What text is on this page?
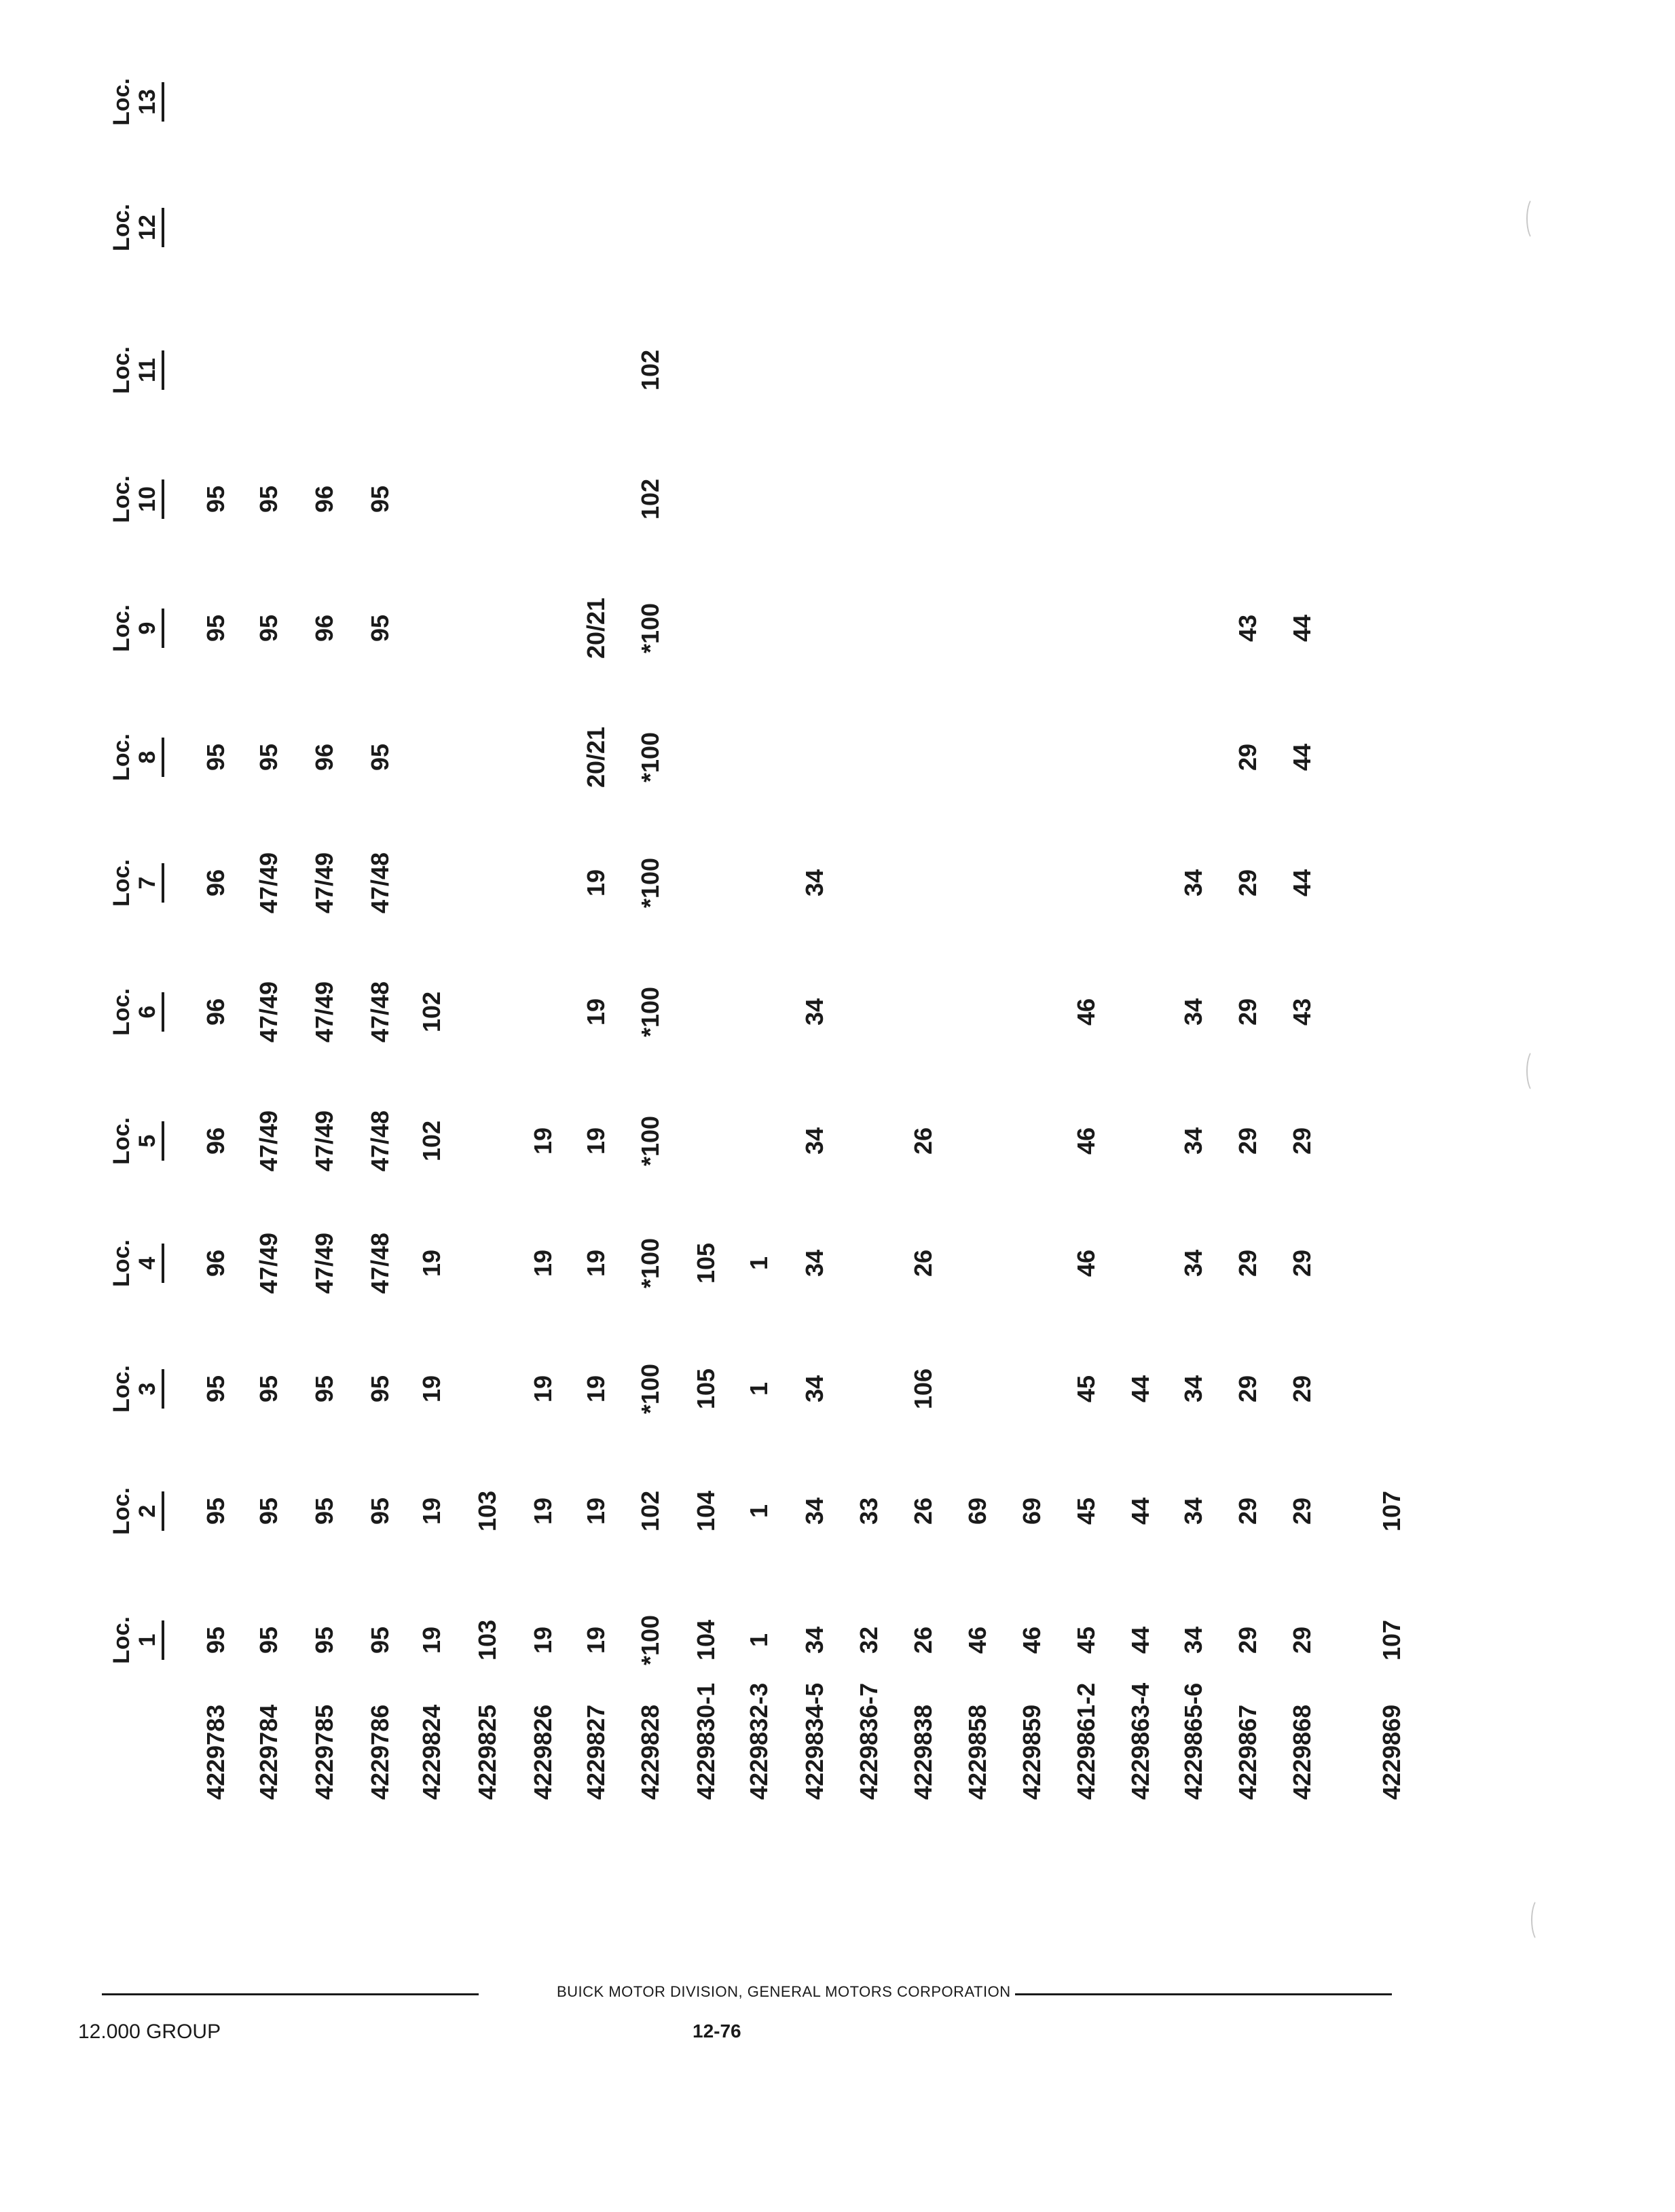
Loc. 1
Loc. 2
Loc. 3
Loc. 4
Loc. 5
Loc. 6
Loc. 7
Loc. 8
Loc. 9
Loc. 10
Loc. 11
Loc. 12
Loc. 13
4229783
95
95
95
96
96
96
96
95
95
95
4229784
95
95
95
47/49
47/49
47/49
47/49
95
95
95
4229785
95
95
95
47/49
47/49
47/49
47/49
96
96
96
4229786
95
95
95
47/48
47/48
47/48
47/48
95
95
95
4229824
19
19
19
19
102
102
4229825
103
103
4229826
19
19
19
19
19
4229827
19
19
19
19
19
19
19
20/21
20/21
4229828
*100
102
*100
*100
*100
*100
*100
*100
*100
102
102
4229830-1
104
104
105
105
4229832-3
1
1
1
1
4229834-5
34
34
34
34
34
34
34
4229836-7
32
33
4229838
26
26
106
26
26
4229858
46
69
4229859
46
69
4229861-2
45
45
45
46
46
46
4229863-4
44
44
44
4229865-6
34
34
34
34
34
34
34
4229867
29
29
29
29
29
29
29
29
43
4229868
29
29
29
29
29
43
44
44
44
4229869
107
107
BUICK MOTOR DIVISION, GENERAL MOTORS CORPORATION
12.000 GROUP	12-76
